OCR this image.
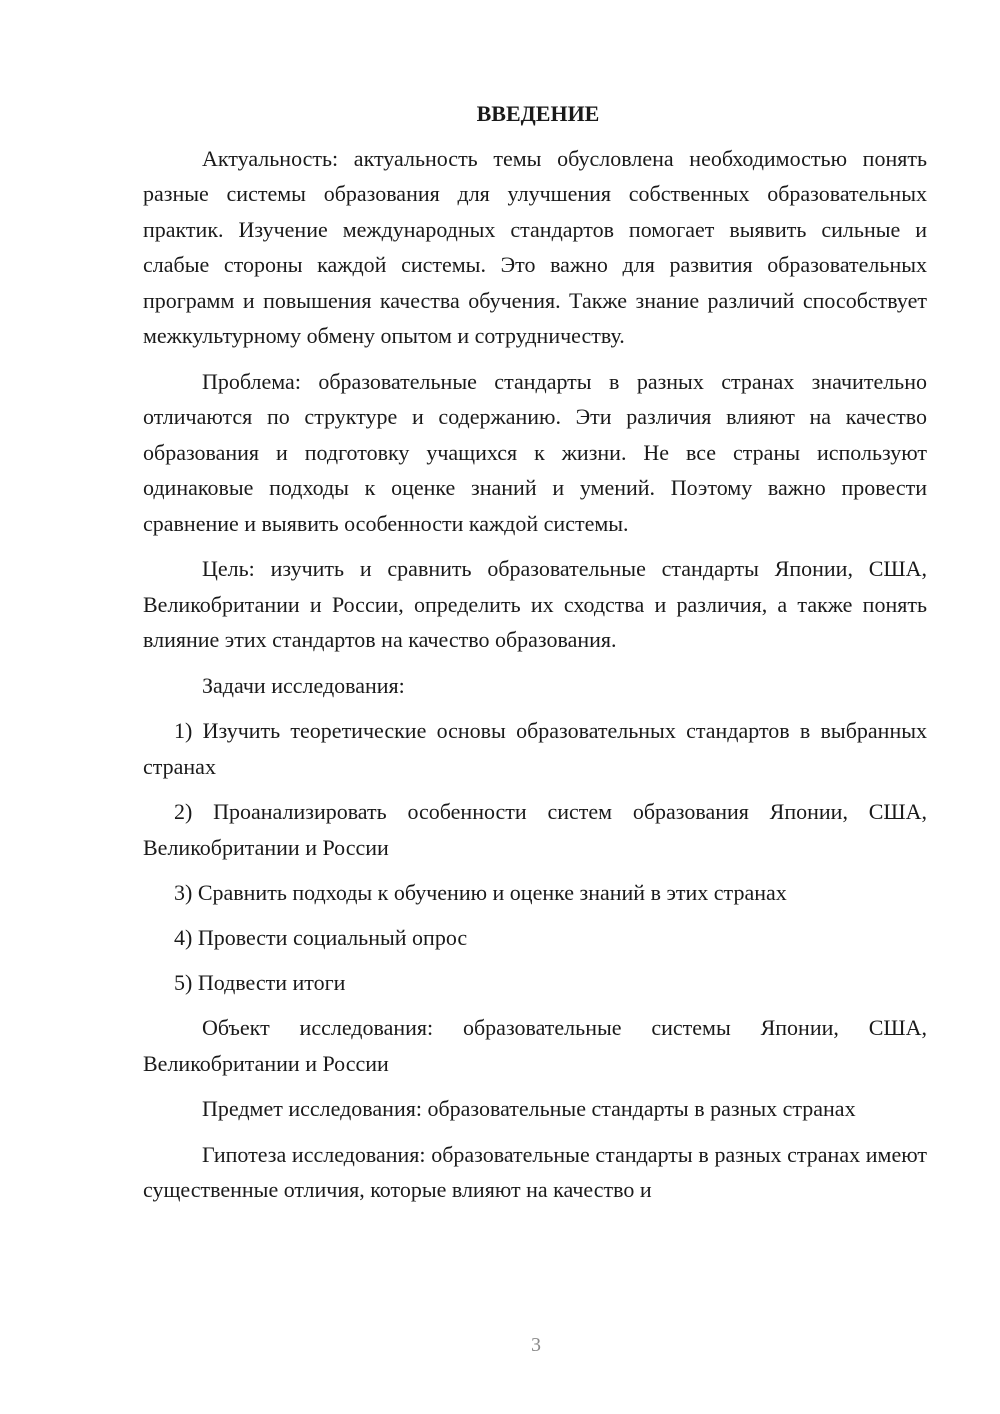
ВВЕДЕНИЕ

Актуальность: актуальность темы обусловлена необходимостью понять разные системы образования для улучшения собственных образовательных практик. Изучение международных стандартов помогает выявить сильные и слабые стороны каждой системы. Это важно для развития образовательных программ и повышения качества обучения. Также знание различий способствует межкультурному обмену опытом и сотрудничеству.

Проблема: образовательные стандарты в разных странах значительно отличаются по структуре и содержанию. Эти различия влияют на качество образования и подготовку учащихся к жизни. Не все страны используют одинаковые подходы к оценке знаний и умений. Поэтому важно провести сравнение и выявить особенности каждой системы.

Цель: изучить и сравнить образовательные стандарты Японии, США, Великобритании и России, определить их сходства и различия, а также понять влияние этих стандартов на качество образования.

Задачи исследования:

1) Изучить теоретические основы образовательных стандартов в выбранных странах

2) Проанализировать особенности систем образования Японии, США, Великобритании и России

3) Сравнить подходы к обучению и оценке знаний в этих странах

4) Провести социальный опрос

5) Подвести итоги

Объект исследования: образовательные системы Японии, США, Великобритании и России

Предмет исследования: образовательные стандарты в разных странах

Гипотеза исследования: образовательные стандарты в разных странах имеют существенные отличия, которые влияют на качество и

3
